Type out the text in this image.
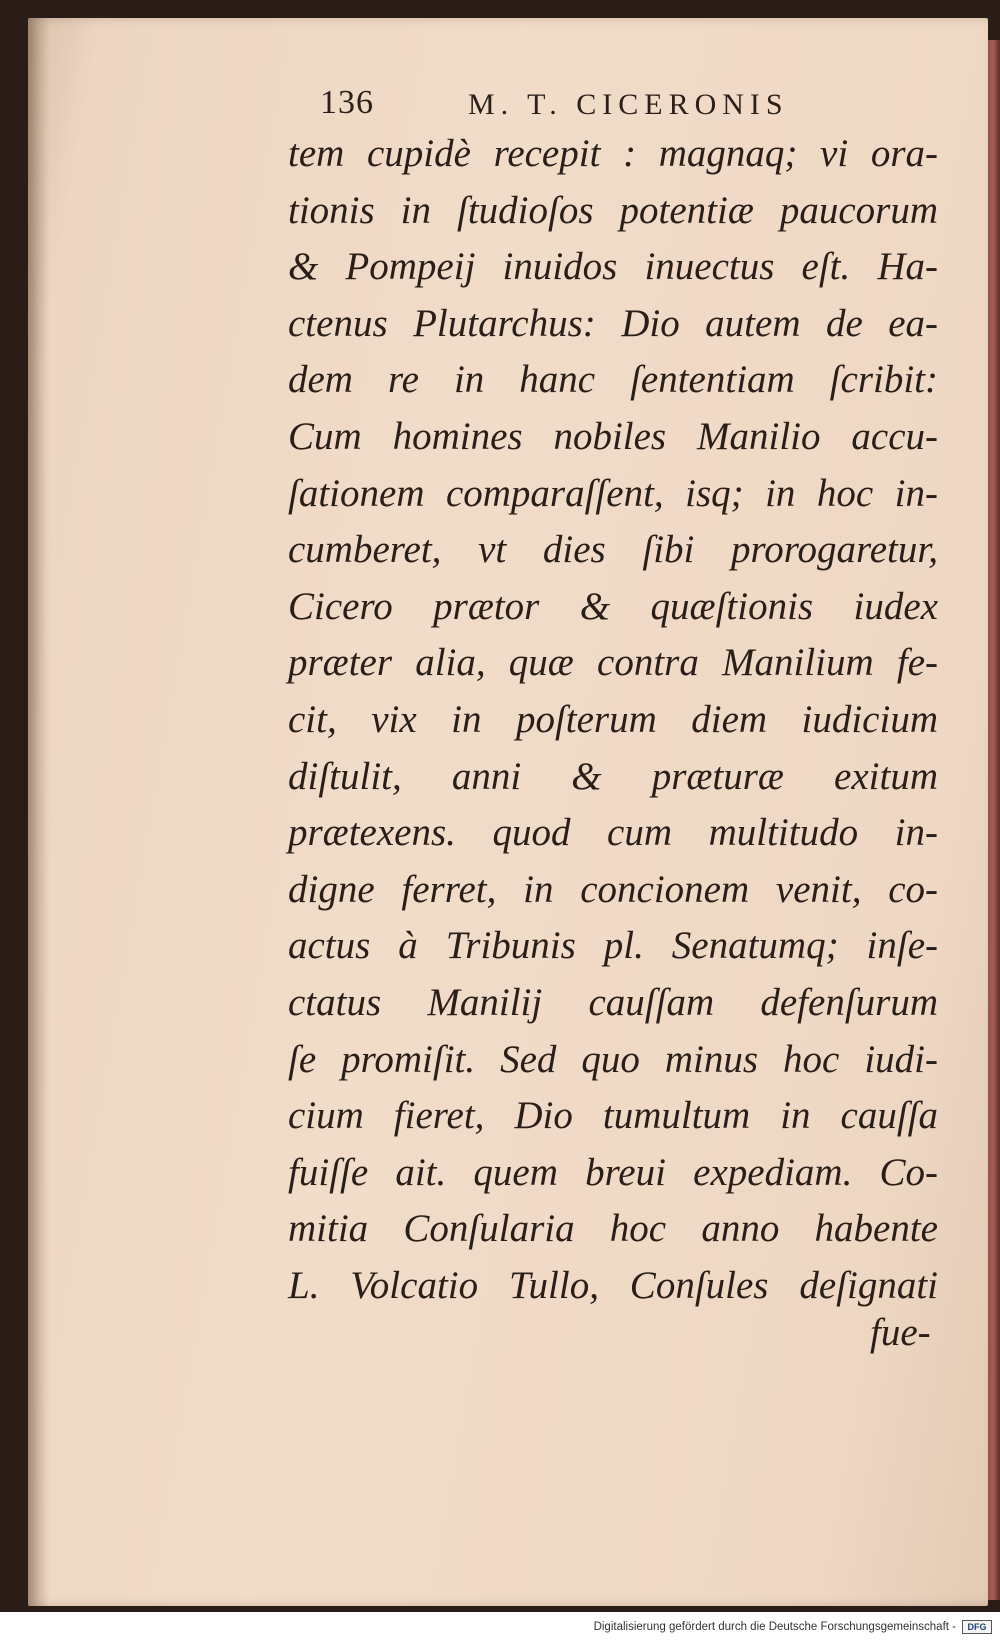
136	M. T. CICERONIS
tem cupidè recepit : magnaq; vi ora-
tionis in ſtudioſos potentiæ paucorum
& Pompeij inuidos inuectus eſt. Ha-
ctenus Plutarchus: Dio autem de ea-
dem re in hanc ſententiam ſcribit:
Cum homines nobiles Manilio accu-
ſationem comparaſſent, isq; in hoc in-
cumberet, vt dies ſibi prorogaretur,
Cicero prætor & quæſtionis iudex
præter alia, quæ contra Manilium fe-
cit, vix in poſterum diem iudicium
diſtulit, anni & præturæ exitum
prætexens. quod cum multitudo in-
digne ferret, in concionem venit, co-
actus à Tribunis pl. Senatumq; inſe-
ctatus Manilij cauſſam defenſurum
ſe promiſit. Sed quo minus hoc iudi-
cium fieret, Dio tumultum in cauſſa
fuiſſe ait. quem breui expediam. Co-
mitia Conſularia hoc anno habente
L. Volcatio Tullo, Conſules deſignati
fue-
Digitalisierung gefördert durch die Deutsche Forschungsgemeinschaft -	DFG
